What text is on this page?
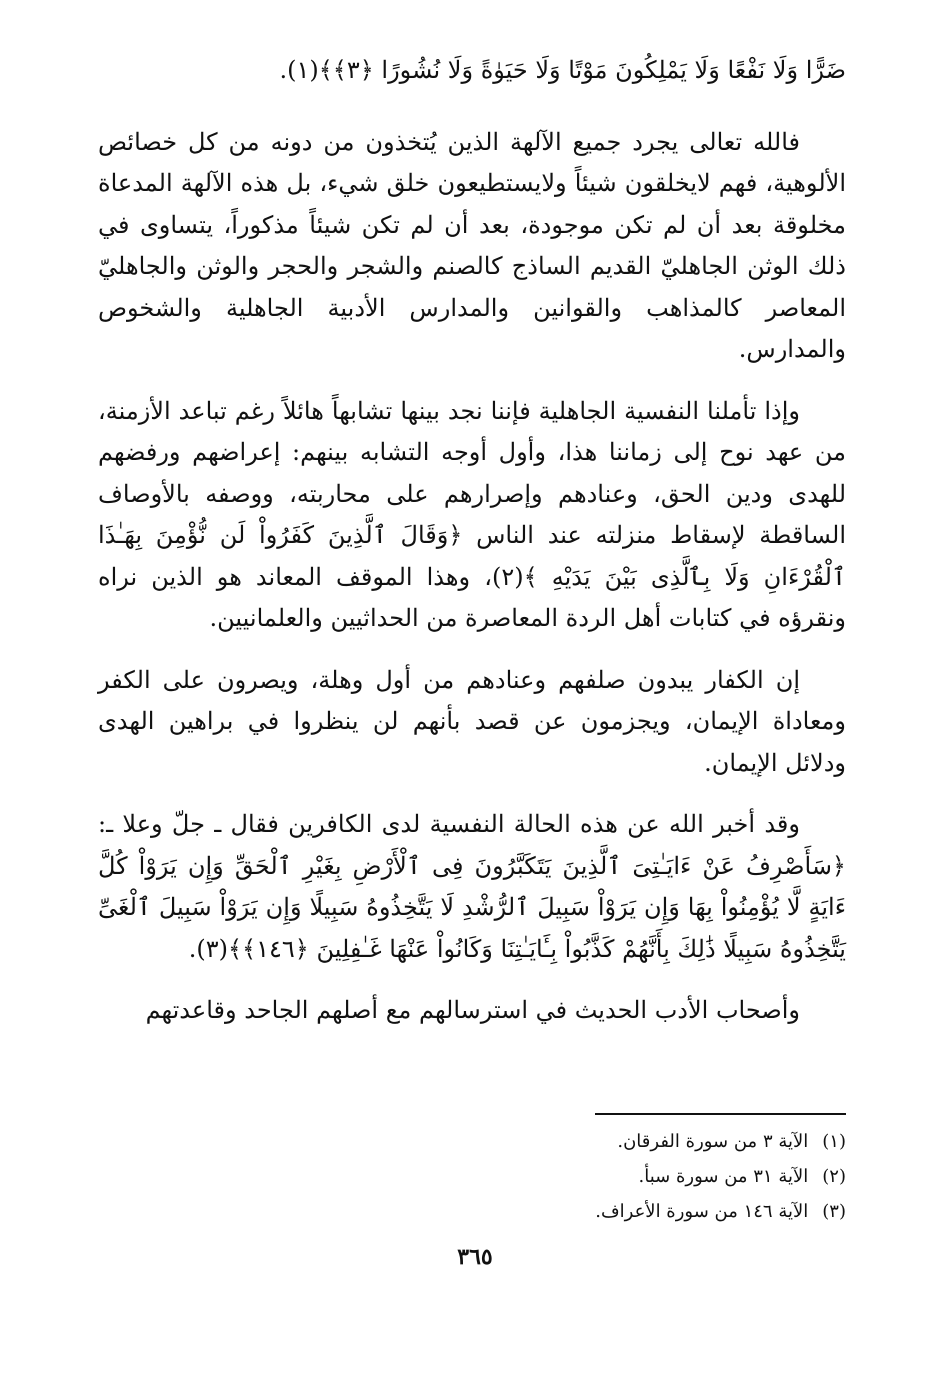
ضَرًّا وَلَا نَفْعًا وَلَا يَمْلِكُونَ مَوْتًا وَلَا حَيَوٰةً وَلَا نُشُورًا ﴿٣﴾﴾(١).

فالله تعالى يجرد جميع الآلهة الذين يُتخذون من دونه من كل خصائص الألوهية، فهم لايخلقون شيئاً ولايستطيعون خلق شيء، بل هذه الآلهة المدعاة مخلوقة بعد أن لم تكن موجودة، بعد أن لم تكن شيئاً مذكوراً، يتساوى في ذلك الوثن الجاهليّ القديم الساذج كالصنم والشجر والحجر والوثن والجاهليّ المعاصر كالمذاهب والقوانين والمدارس الأدبية الجاهلية والشخوص والمدارس.

وإذا تأملنا النفسية الجاهلية فإننا نجد بينها تشابهاً هائلاً رغم تباعد الأزمنة، من عهد نوح إلى زماننا هذا، وأول أوجه التشابه بينهم: إعراضهم ورفضهم للهدى ودين الحق، وعنادهم وإصرارهم على محاربته، ووصفه بالأوصاف الساقطة لإسقاط منزلته عند الناس ﴿وَقَالَ ٱلَّذِينَ كَفَرُواْ لَن نُّؤْمِنَ بِهَـٰذَا ٱلْقُرْءَانِ وَلَا بِٱلَّذِى بَيْنَ يَدَيْهِ ﴾(٢)، وهذا الموقف المعاند هو الذين نراه ونقرؤه في كتابات أهل الردة المعاصرة من الحداثيين والعلمانيين.

إن الكفار يبدون صلفهم وعنادهم من أول وهلة، ويصرون على الكفر ومعاداة الإيمان، ويجزمون عن قصد بأنهم لن ينظروا في براهين الهدى ودلائل الإيمان.

وقد أخبر الله عن هذه الحالة النفسية لدى الكافرين فقال ـ جلّ وعلا ـ: ﴿سَأَصْرِفُ عَنْ ءَايَـٰتِىَ ٱلَّذِينَ يَتَكَبَّرُونَ فِى ٱلْأَرْضِ بِغَيْرِ ٱلْحَقِّ وَإِن يَرَوْاْ كُلَّ ءَايَةٍ لَّا يُؤْمِنُواْ بِهَا وَإِن يَرَوْاْ سَبِيلَ ٱلرُّشْدِ لَا يَتَّخِذُوهُ سَبِيلًا وَإِن يَرَوْاْ سَبِيلَ ٱلْغَىِّ يَتَّخِذُوهُ سَبِيلًا ذَٰلِكَ بِأَنَّهُمْ كَذَّبُواْ بِـَٔايَـٰتِنَا وَكَانُواْ عَنْهَا غَـٰفِلِينَ ﴿١٤٦﴾﴾(٣).

وأصحاب الأدب الحديث في استرسالهم مع أصلهم الجاحد وقاعدتهم

(١)الآية ٣ من سورة الفرقان.
(٢)الآية ٣١ من سورة سبأ.
(٣)الآية ١٤٦ من سورة الأعراف.
٣٦٥
